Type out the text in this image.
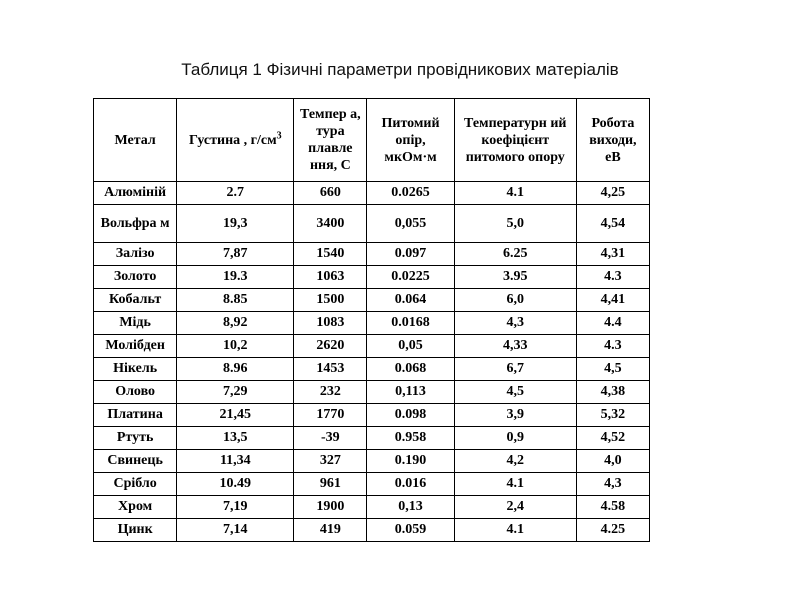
Таблиця 1 Фізичні параметри провідникових матеріалів
Метал	Густина , $г/см^3$	Темпер а, тура плавле ння, С	Питомий опір, мкОм·м	Температурн ий коефіцієнт питомого опору	Робота виходи, еВ
Алюміній	2.7	660	0.0265	4.1	4,25
Вольфра м	19,3	3400	0,055	5,0	4,54
Залізо	7,87	1540	0.097	6.25	4,31
Золото	19.3	1063	0.0225	3.95	4.3
Кобальт	8.85	1500	0.064	6,0	4,41
Мідь	8,92	1083	0.0168	4,3	4.4
Молібден	10,2	2620	0,05	4,33	4.3
Нікель	8.96	1453	0.068	6,7	4,5
Олово	7,29	232	0,113	4,5	4,38
Платина	21,45	1770	0.098	3,9	5,32
Ртуть	13,5	-39	0.958	0,9	4,52
Свинець	11,34	327	0.190	4,2	4,0
Срібло	10.49	961	0.016	4.1	4,3
Хром	7,19	1900	0,13	2,4	4.58
Цинк	7,14	419	0.059	4.1	4.25
